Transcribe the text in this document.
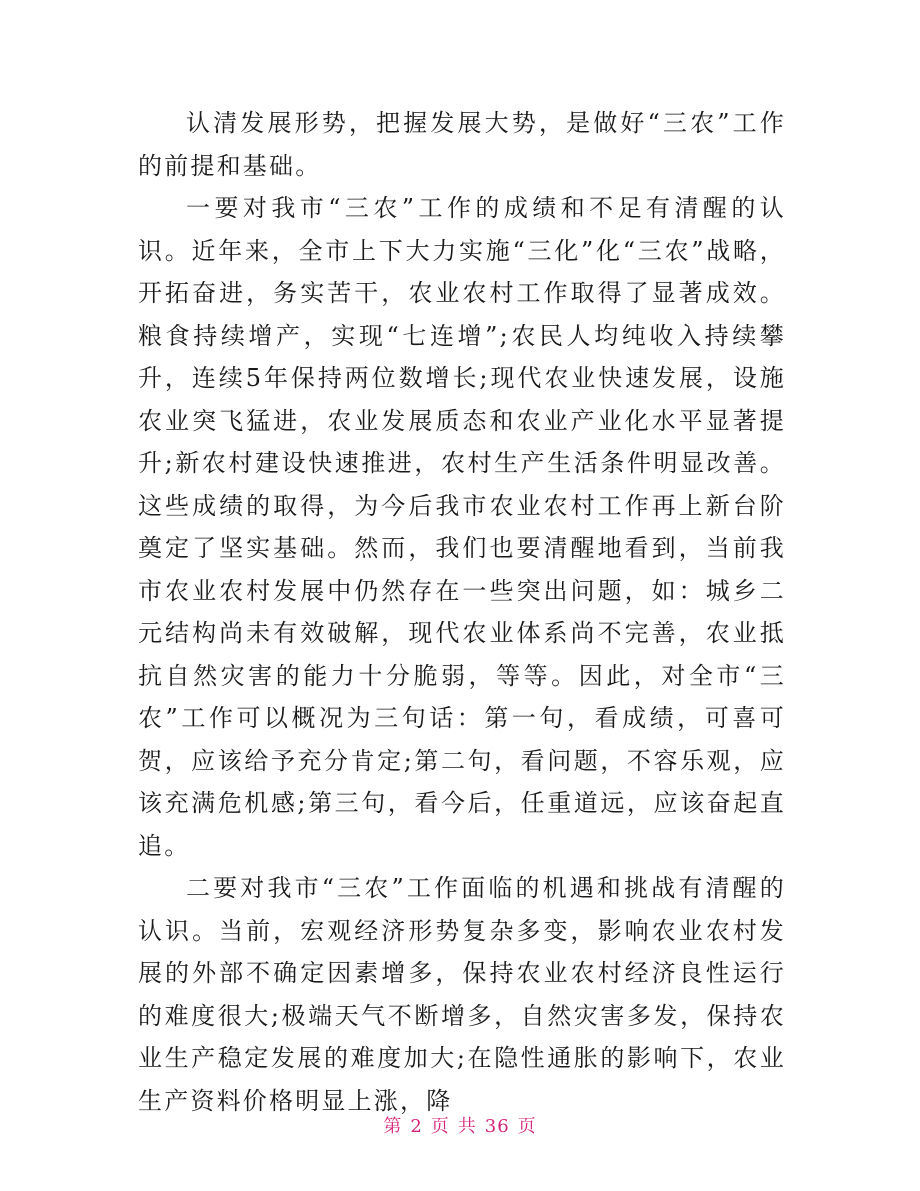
认清发展形势，把握发展大势，是做好“三农”工作的前提和基础。

一要对我市“三农”工作的成绩和不足有清醒的认识。近年来，全市上下大力实施“三化”化“三农”战略，开拓奋进，务实苦干，农业农村工作取得了显著成效。粮食持续增产，实现“七连增”;农民人均纯收入持续攀升，连续5年保持两位数增长;现代农业快速发展，设施农业突飞猛进，农业发展质态和农业产业化水平显著提升;新农村建设快速推进，农村生产生活条件明显改善。这些成绩的取得，为今后我市农业农村工作再上新台阶奠定了坚实基础。然而，我们也要清醒地看到，当前我市农业农村发展中仍然存在一些突出问题，如：城乡二元结构尚未有效破解，现代农业体系尚不完善，农业抵抗自然灾害的能力十分脆弱，等等。因此，对全市“三农”工作可以概况为三句话：第一句，看成绩，可喜可贺，应该给予充分肯定;第二句，看问题，不容乐观，应该充满危机感;第三句，看今后，任重道远，应该奋起直追。

二要对我市“三农”工作面临的机遇和挑战有清醒的认识。当前，宏观经济形势复杂多变，影响农业农村发展的外部不确定因素增多，保持农业农村经济良性运行的难度很大;极端天气不断增多，自然灾害多发，保持农业生产稳定发展的难度加大;在隐性通胀的影响下，农业生产资料价格明显上涨，降

第 2 页 共 36 页
